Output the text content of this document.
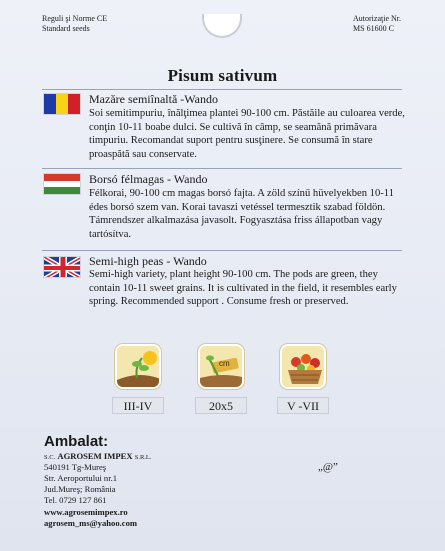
Reguli şi Norme CE
Standard seeds
Autorizaţie Nr.
MS 61600 C
Pisum sativum
Mazăre semiînaltă -Wando
Soi semitimpuriu, înălţimea plantei 90-100 cm. Păstăile au culoarea verde, conţin 10-11 boabe dulci. Se cultivă în câmp, se seamănă primăvara timpuriu. Recomandat suport pentru susţinere. Se consumă în stare proaspătă sau conservate.
Borsó félmagas - Wando
Félkorai, 90-100 cm magas borsó fajta. A zöld színű hüvelyekben 10-11 édes borsó szem van. Korai tavaszi vetéssel termesztik szabad földön. Támrendszer alkalmazása javasolt. Fogyasztása friss állapotban vagy tartósítva.
Semi-high peas - Wando
Semi-high variety, plant height 90-100 cm. The pods are green, they contain 10-11 sweet grains. It is cultivated in the field, it resembles early spring. Recommended support . Consume fresh or preserved.
III-IV
cm
20x5	V -VII
Ambalat:
S.C. AGROSEM IMPEX S.R.L.
540191 Tg-Mureş
Str. Aeroportului nr.1
Jud.Mureş; România
Tel. 0729 127 861
www.agrosemimpex.ro
agrosem_ms@yahoo.com
„@”
